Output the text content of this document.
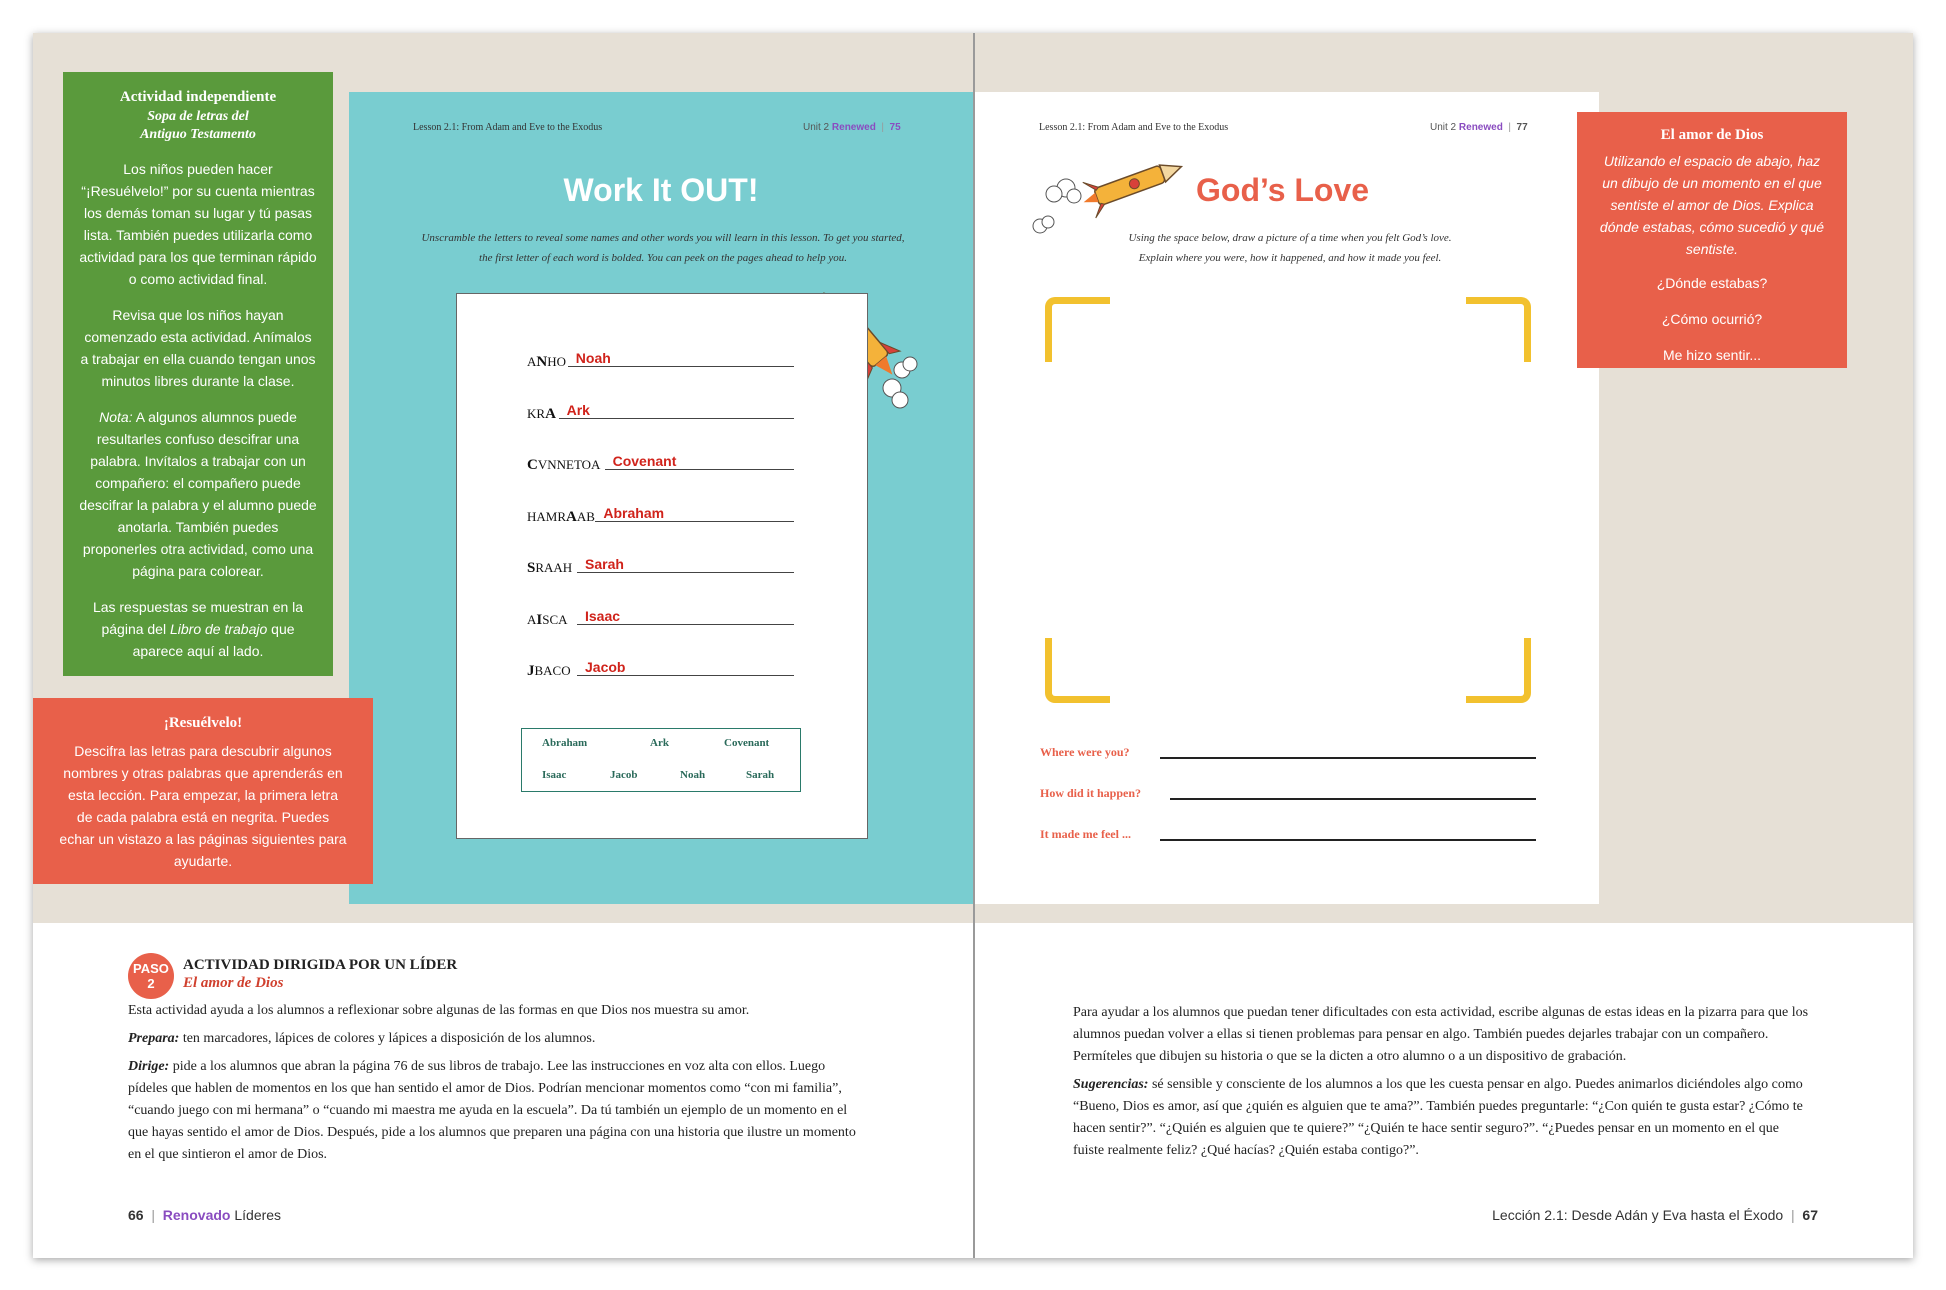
Actividad independiente
Sopa de letras del
Antiguo Testamento

Los niños pueden hacer “¡Resuélvelo!” por su cuenta mientras los demás toman su lugar y tú pasas lista. También puedes utilizarla como actividad para los que terminan rápido o como actividad final.

Revisa que los niños hayan comenzado esta actividad. Anímalos a trabajar en ella cuando tengan unos minutos libres durante la clase.

Nota: A algunos alumnos puede resultarles confuso descifrar una palabra. Invítalos a trabajar con un compañero: el compañero puede descifrar la palabra y el alumno puede anotarla. También puedes proponerles otra actividad, como una página para colorear.

Las respuestas se muestran en la página del Libro de trabajo que aparece aquí al lado.

¡Resuélvelo!
Descifra las letras para descubrir algunos nombres y otras palabras que aprenderás en esta lección. Para empezar, la primera letra de cada palabra está en negrita. Puedes echar un vistazo a las páginas siguientes para ayudarte.
Lesson 2.1: From Adam and Eve to the Exodus	Unit 2 Renewed  |  75
Work It OUT!
Unscramble the letters to reveal some names and other words you will learn in this lesson. To get you started, the first letter of each word is bolded. You can peek on the pages ahead to help you.
ANHO Noah
KRA Ark
CVNNETOA Covenant
HAMRAAB Abraham
SRAAH Sarah
AISCA Isaac
JBACO Jacob
Abraham	Ark	Covenant
Isaac	Jacob	Noah	Sarah
Lesson 2.1: From Adam and Eve to the Exodus	Unit 2 Renewed  |  77
God’s Love
Using the space below, draw a picture of a time when you felt God’s love.
Explain where you were, how it happened, and how it made you feel.
Where were you?
How did it happen?
It made me feel ...
El amor de Dios
Utilizando el espacio de abajo, haz un dibujo de un momento en el que sentiste el amor de Dios. Explica dónde estabas, cómo sucedió y qué sentiste.
¿Dónde estabas?
¿Cómo ocurrió?
Me hizo sentir...
PASO
2
ACTIVIDAD DIRIGIDA POR UN LÍDER
El amor de Dios

Esta actividad ayuda a los alumnos a reflexionar sobre algunas de las formas en que Dios nos muestra su amor.

Prepara: ten marcadores, lápices de colores y lápices a disposición de los alumnos.

Dirige: pide a los alumnos que abran la página 76 de sus libros de trabajo. Lee las instrucciones en voz alta con ellos. Luego pídeles que hablen de momentos en los que han sentido el amor de Dios. Podrían mencionar momentos como “con mi familia”, “cuando juego con mi hermana” o “cuando mi maestra me ayuda en la escuela”. Da tú también un ejemplo de un momento en el que hayas sentido el amor de Dios. Después, pide a los alumnos que preparen una página con una historia que ilustre un momento en el que sintieron el amor de Dios.

Para ayudar a los alumnos que puedan tener dificultades con esta actividad, escribe algunas de estas ideas en la pizarra para que los alumnos puedan volver a ellas si tienen problemas para pensar en algo. También puedes dejarles trabajar con un compañero. Permíteles que dibujen su historia o que se la dicten a otro alumno o a un dispositivo de grabación.

Sugerencias: sé sensible y consciente de los alumnos a los que les cuesta pensar en algo. Puedes animarlos diciéndoles algo como “Bueno, Dios es amor, así que ¿quién es alguien que te ama?”. También puedes preguntarle: “¿Con quién te gusta estar? ¿Cómo te hacen sentir?”. “¿Quién es alguien que te quiere?” “¿Quién te hace sentir seguro?”. “¿Puedes pensar en un momento en el que fuiste realmente feliz? ¿Qué hacías? ¿Quién estaba contigo?”.

66  |  Renovado Líderes	Lección 2.1: Desde Adán y Eva hasta el Éxodo  |  67
